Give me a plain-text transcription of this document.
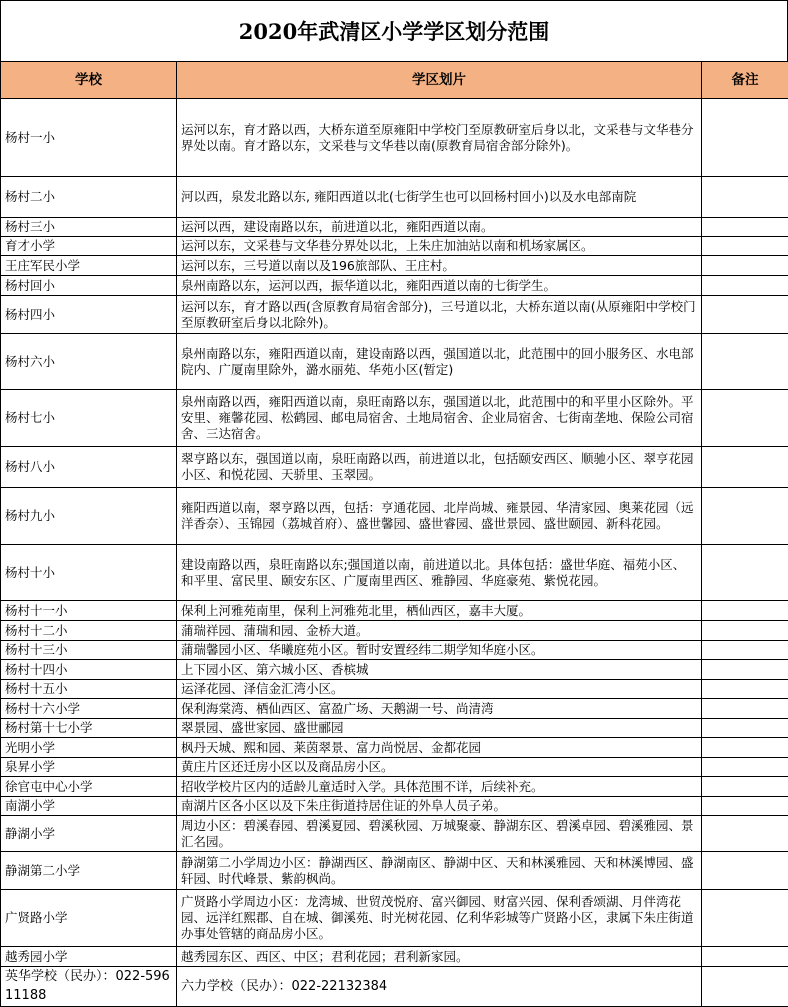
2020年武清区小学学区划分范围
学校	学区划片	备注
杨村一小	运河以东，育才路以西，大桥东道至原雍阳中学校门至原教研室后身以北，文采巷与文华巷分界处以南。育才路以东，文采巷与文华巷以南(原教育局宿舍部分除外)。	
杨村二小	河以西，泉发北路以东, 雍阳西道以北(七街学生也可以回杨村回小)以及水电部南院	
杨村三小	运河以西，建设南路以东，前进道以北，雍阳西道以南。	
育才小学	运河以东，文采巷与文华巷分界处以北，上朱庄加油站以南和机场家属区。	
王庄军民小学	运河以东，三号道以南以及196旅部队、王庄村。	
杨村回小	泉州南路以东，运河以西，振华道以北，雍阳西道以南的七街学生。	
杨村四小	运河以东，育才路以西(含原教育局宿舍部分)，三号道以北，大桥东道以南(从原雍阳中学校门至原教研室后身以北除外)。	
杨村六小	泉州南路以东，雍阳西道以南，建设南路以西，强国道以北，此范围中的回小服务区、水电部院内、广厦南里除外，潞水丽苑、华苑小区(暂定)	
杨村七小	泉州南路以西，雍阳西道以南，泉旺南路以东，强国道以北，此范围中的和平里小区除外。平安里、雍馨花园、松鹤园、邮电局宿舍、土地局宿舍、企业局宿舍、七街南垄地、保险公司宿舍、三达宿舍。	
杨村八小	翠亨路以东，强国道以南，泉旺南路以西，前进道以北，包括颐安西区、顺驰小区、翠亨花园小区、和悦花园、天骄里、玉翠园。	
杨村九小	雍阳西道以南，翠亨路以西，包括：亨通花园、北岸尚城、雍景园、华清家园、奥莱花园（远洋香奈）、玉锦园（荔城首府）、盛世馨园、盛世睿园、盛世景园、盛世颐园、新科花园。	
杨村十小	建设南路以西，泉旺南路以东;强国道以南，前进道以北。具体包括：盛世华庭、福苑小区、和平里、富民里、颐安东区、广厦南里西区、雅静园、华庭豪苑、紫悦花园。	
杨村十一小	保利上河雅苑南里，保利上河雅苑北里，栖仙西区，嘉丰大厦。	
杨村十二小	蒲瑞祥园、蒲瑞和园、金桥大道。	
杨村十三小	蒲瑞馨园小区、华曦庭苑小区。暂时安置经纬二期学知华庭小区。	
杨村十四小	上下园小区、第六城小区、香槟城	
杨村十五小	运泽花园、泽信金汇湾小区。	
杨村十六小学	保利海棠湾、栖仙西区、富盈广场、天鹅湖一号、尚清湾	
杨村第十七小学	翠景园、盛世家园、盛世郦园	
光明小学	枫丹天城、熙和园、莱茵翠景、富力尚悦居、金都花园	
泉昇小学	黄庄片区还迁房小区以及商品房小区。	
徐官屯中心小学	招收学校片区内的适龄儿童适时入学。具体范围不详，后续补充。	
南湖小学	南湖片区各小区以及下朱庄街道持居住证的外阜人员子弟。	
静湖小学	周边小区：碧溪春园、碧溪夏园、碧溪秋园、万城聚豪、静湖东区、碧溪卓园、碧溪雅园、景汇名园。	
静湖第二小学	静湖第二小学周边小区：静湖西区、静湖南区、静湖中区、天和林溪雅园、天和林溪博园、盛轩园、时代峰景、紫韵枫尚。	
广贤路小学	广贤路小学周边小区：龙湾城、世贸茂悦府、富兴御园、财富兴园、保利香颂湖、月伴湾花园、远洋红熙郡、自在城、御溪苑、时光树花园、亿利华彩城等广贤路小区，隶属下朱庄街道办事处管辖的商品房小区。	
越秀园小学	越秀园东区、西区、中区；君利花园；君利新家园。	
英华学校（民办）：022-59611188	六力学校（民办）：022-22132384	
